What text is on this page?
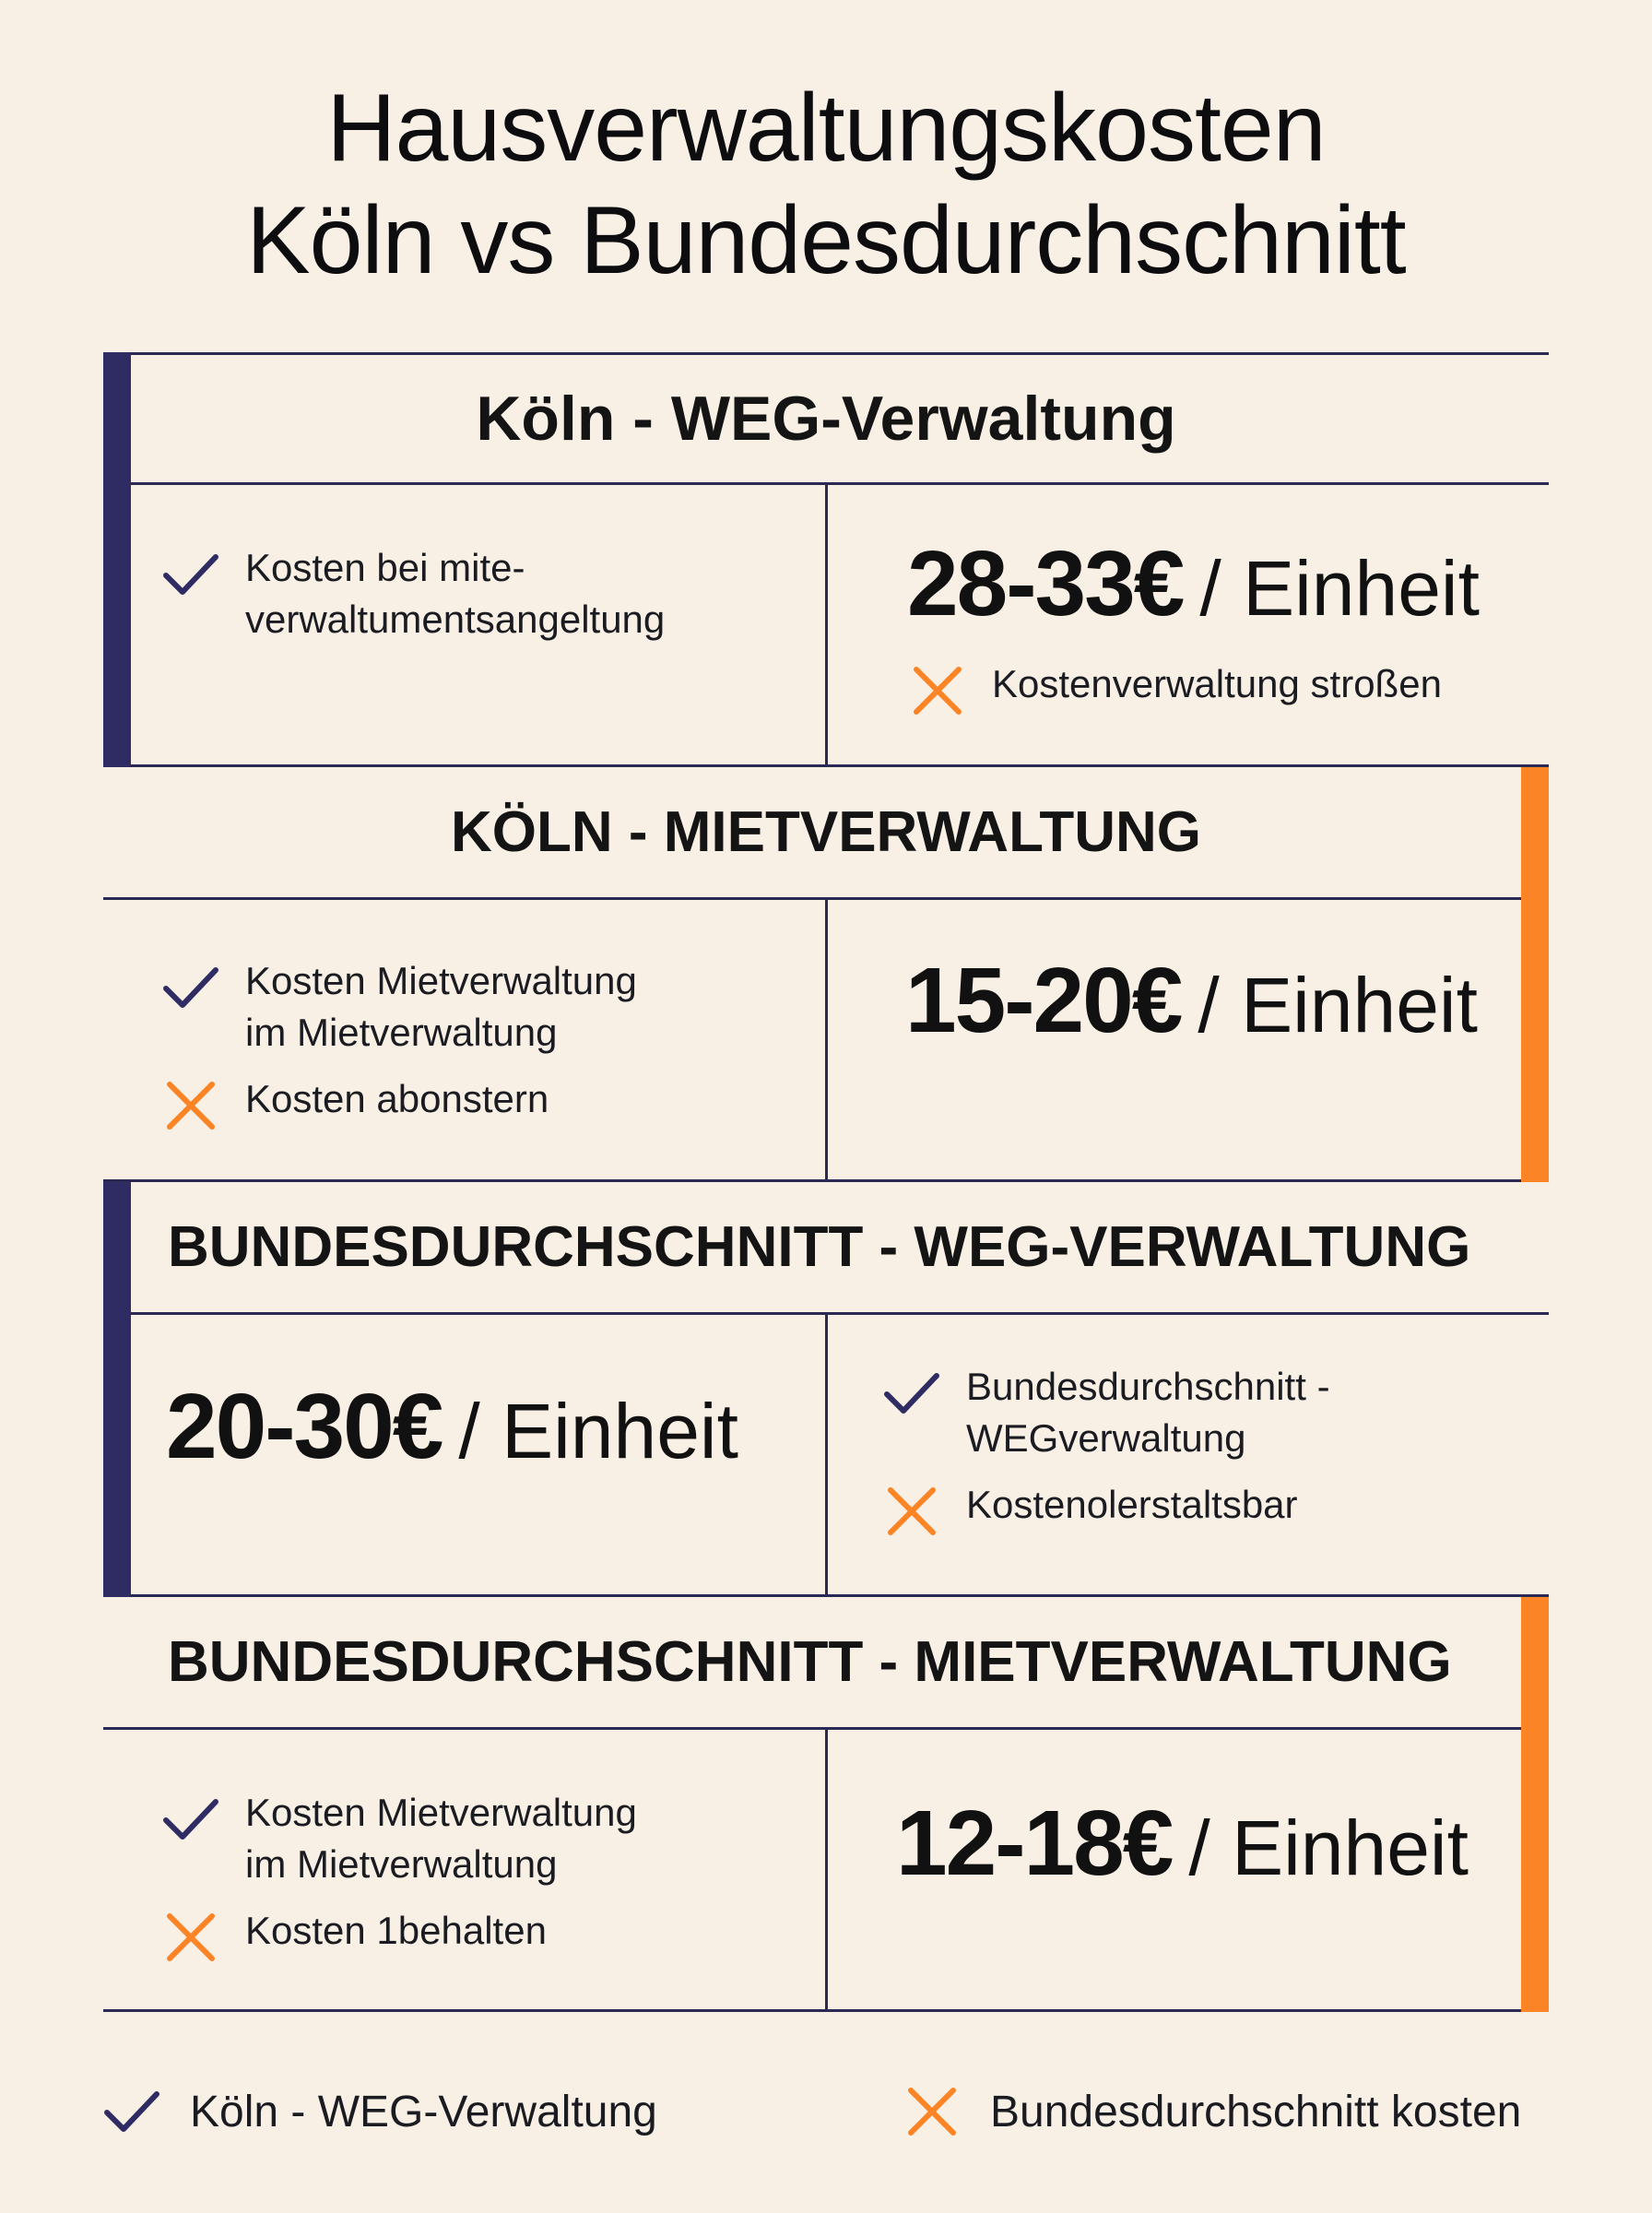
Hausverwaltungskosten
Köln vs Bundesdurchschnitt
Köln - WEG-Verwaltung
Kosten bei mite-
verwaltumentsangeltung	28-33€ / Einheit
Kostenverwaltung stroßen
KÖLN - MIETVERWALTUNG
Kosten Mietverwaltung
im Mietverwaltung
Kosten abonstern
15-20€ / Einheit
BUNDESDURCHSCHNITT - WEG-VERWALTUNG
20-30€ / Einheit
Bundesdurchschnitt -
WEGverwaltung
Kostenolerstaltsbar
BUNDESDURCHSCHNITT - MIETVERWALTUNG
Kosten Mietverwaltung
im Mietverwaltung
Kosten 1behalten
12-18€ / Einheit
Köln - WEG-Verwaltung	Bundesdurchschnitt kosten
